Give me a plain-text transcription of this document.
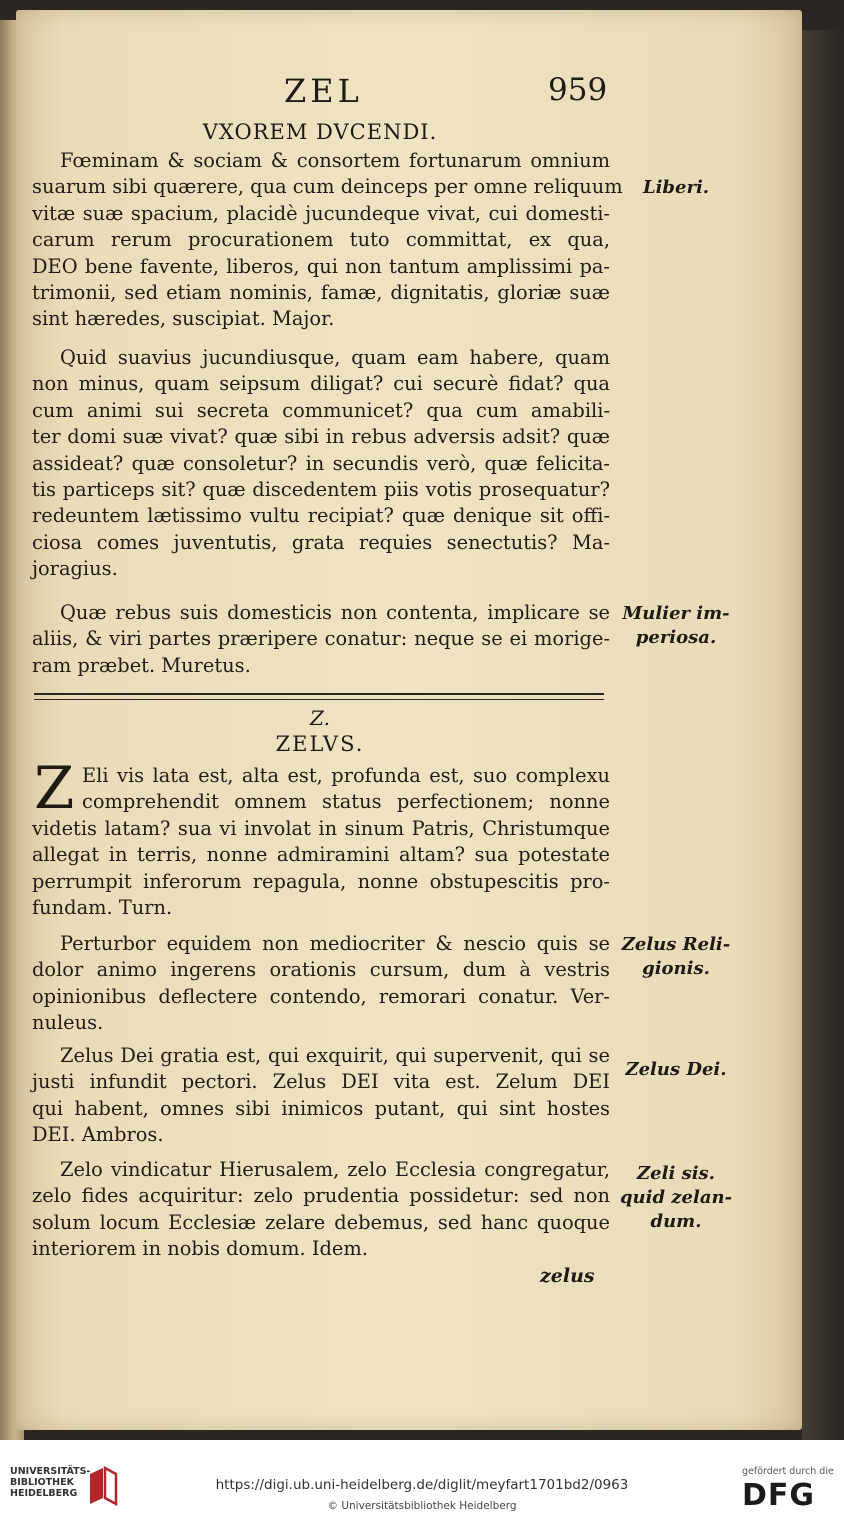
ZEL	959
VXOREM DVCENDI.
Fœminam & sociam & consortem fortunarum omnium
suarum sibi quærere, qua cum deinceps per omne reliquum
vitæ suæ spacium, placidè jucundeque vivat, cui domesti-
carum rerum procurationem tuto committat, ex qua,
DEO bene favente, liberos, qui non tantum amplissimi pa-
trimonii, sed etiam nominis, famæ, dignitatis, gloriæ suæ
sint hæredes, suscipiat. Major.
Quid suavius jucundiusque, quam eam habere, quam
non minus, quam seipsum diligat? cui securè fidat? qua
cum animi sui secreta communicet? qua cum amabili-
ter domi suæ vivat? quæ sibi in rebus adversis adsit? quæ
assideat? quæ consoletur? in secundis verò, quæ felicita-
tis particeps sit? quæ discedentem piis votis prosequatur?
redeuntem lætissimo vultu recipiat? quæ denique sit offi-
ciosa comes juventutis, grata requies senectutis? Ma-
joragius.
Quæ rebus suis domesticis non contenta, implicare se
aliis, & viri partes præripere conatur: neque se ei morige-
ram præbet. Muretus.
Z.
ZELVS.
Z Eli vis lata est, alta est, profunda est, suo complexu
comprehendit omnem status perfectionem; nonne
videtis latam? sua vi involat in sinum Patris, Christumque
allegat in terris, nonne admiramini altam? sua potestate
perrumpit inferorum repagula, nonne obstupescitis pro-
fundam. Turn.
Perturbor equidem non mediocriter & nescio quis se
dolor animo ingerens orationis cursum, dum à vestris
opinionibus deflectere contendo, remorari conatur. Ver-
nuleus.
Zelus Dei gratia est, qui exquirit, qui supervenit, qui se
justi infundit pectori. Zelus DEI vita est. Zelum DEI
qui habent, omnes sibi inimicos putant, qui sint hostes
DEI. Ambros.
Zelo vindicatur Hierusalem, zelo Ecclesia congregatur,
zelo fides acquiritur: zelo prudentia possidetur: sed non
solum locum Ecclesiæ zelare debemus, sed hanc quoque
interiorem in nobis domum. Idem.
Liberi.
Mulier im-
periosa.
Zelus Reli-
gionis.
Zelus Dei.
Zeli sis.
quid zelan-
dum.
zelus
UNIVERSITÄTS-
BIBLIOTHEK
HEIDELBERG
https://digi.ub.uni-heidelberg.de/diglit/meyfart1701bd2/0963
© Universitätsbibliothek Heidelberg
gefördert durch die
DFG
